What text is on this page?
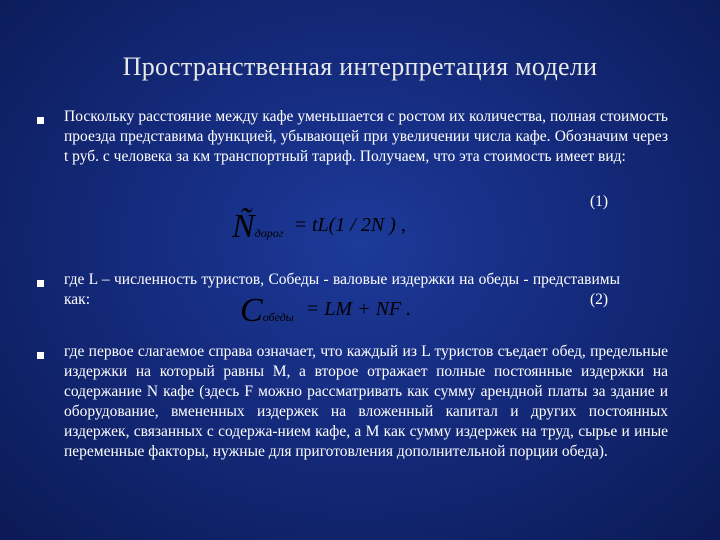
Пространственная интерпретация модели
Поскольку расстояние между кафе уменьшается с ростом их количества, полная стоимость проезда представима функцией, убывающей при увеличении числа кафе. Обозначим через t руб. с человека за км транспортный тариф. Получаем, что эта стоимость имеет вид:
(1)
Ñдорог = tL(1 / 2N ) ,
где L – численность туристов, Cобеды - валовые издержки на обеды - представимы как:	(2)
Cобеды = LM + NF .
где первое слагаемое справа означает, что каждый из L туристов съедает обед, предельные издержки на который равны M, а второе отражает полные постоянные издержки на содержание N кафе (здесь F можно рассматривать как сумму арендной платы за здание и оборудование, вмененных издержек на вложенный капитал и других постоянных издержек, связанных с содержа-нием кафе, а M как сумму издержек на труд, сырье и иные переменные факторы, нужные для приготовления дополнительной порции обеда).
